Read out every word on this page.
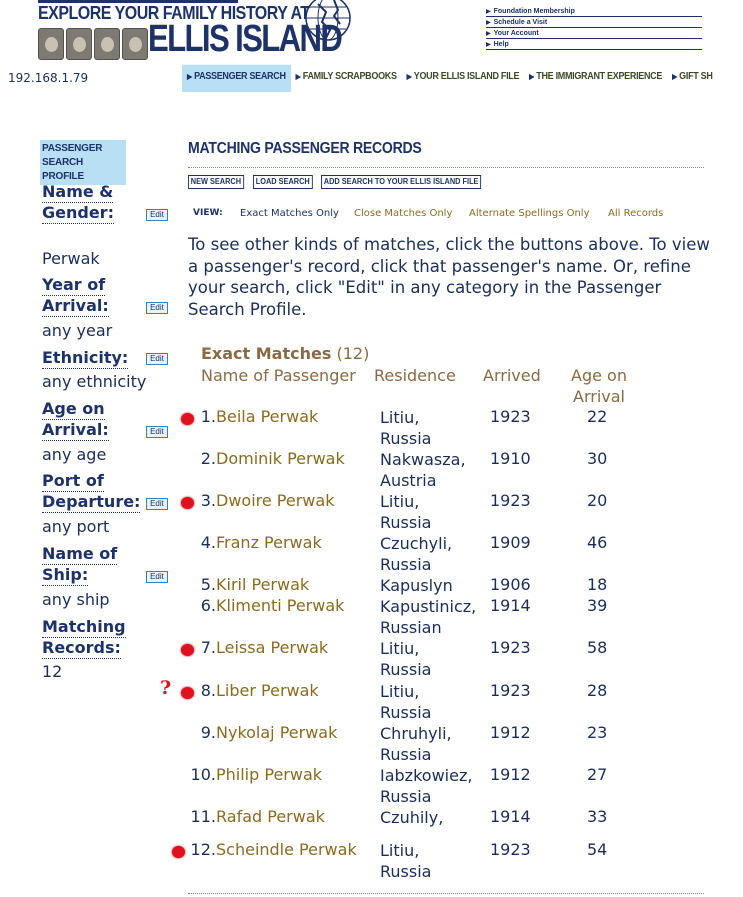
EXPLORE YOUR FAMILY HISTORY AT
ELLIS ISLAND
▶ Foundation Membership
▶ Schedule a Visit
▶ Your Account
▶ Help
192.168.1.79	▶ PASSENGER SEARCH ▶ FAMILY SCRAPBOOKS ▶ YOUR ELLIS ISLAND FILE ▶ THE IMMIGRANT EXPERIENCE ▶ GIFT SH
PASSENGER SEARCH PROFILE
Name &
Gender:	Edit
Perwak
Year of
Arrival:	Edit
any year
Ethnicity:	Edit
any ethnicity
Age on
Arrival:	Edit
any age
Port of
Departure:	Edit
any port
Name of
Ship:	Edit
any ship
Matching
Records:
12
MATCHING PASSENGER RECORDS
NEW SEARCH	LOAD SEARCH	ADD SEARCH TO YOUR ELLIS ISLAND FILE
VIEW: Exact Matches Only Close Matches Only Alternate Spellings Only All Records
To see other kinds of matches, click the buttons above. To view a passenger's record, click that passenger's name. Or, refine your search, click "Edit" in any category in the Passenger Search Profile.
Exact Matches (12)
Name of Passenger Residence Arrived Age on
Arrival
1. Beila Perwak	Litiu,
Russia
1923	22
2. Dominik Perwak Nakwasza,
Austria
1910	30
3. Dwoire Perwak	Litiu,
Russia
1923	20
4. Franz Perwak	Czuchyli,
Russia
1909	46
5. Kiril Perwak	Kapuslyn	1906	18
6. Klimenti Perwak Kapustinicz,
Russian
1914	39
7. Leissa Perwak	Litiu,
Russia
1923	58
?	8. Liber Perwak	Litiu,
Russia
1923	28
9. Nykolaj Perwak	Chruhyli,
Russia
1912	23
10. Philip Perwak	Iabzkowiez,
Russia
1912	27
11. Rafad Perwak	Czuhily,	1914	33
12. Scheindle Perwak Litiu,
Russia
1923	54
